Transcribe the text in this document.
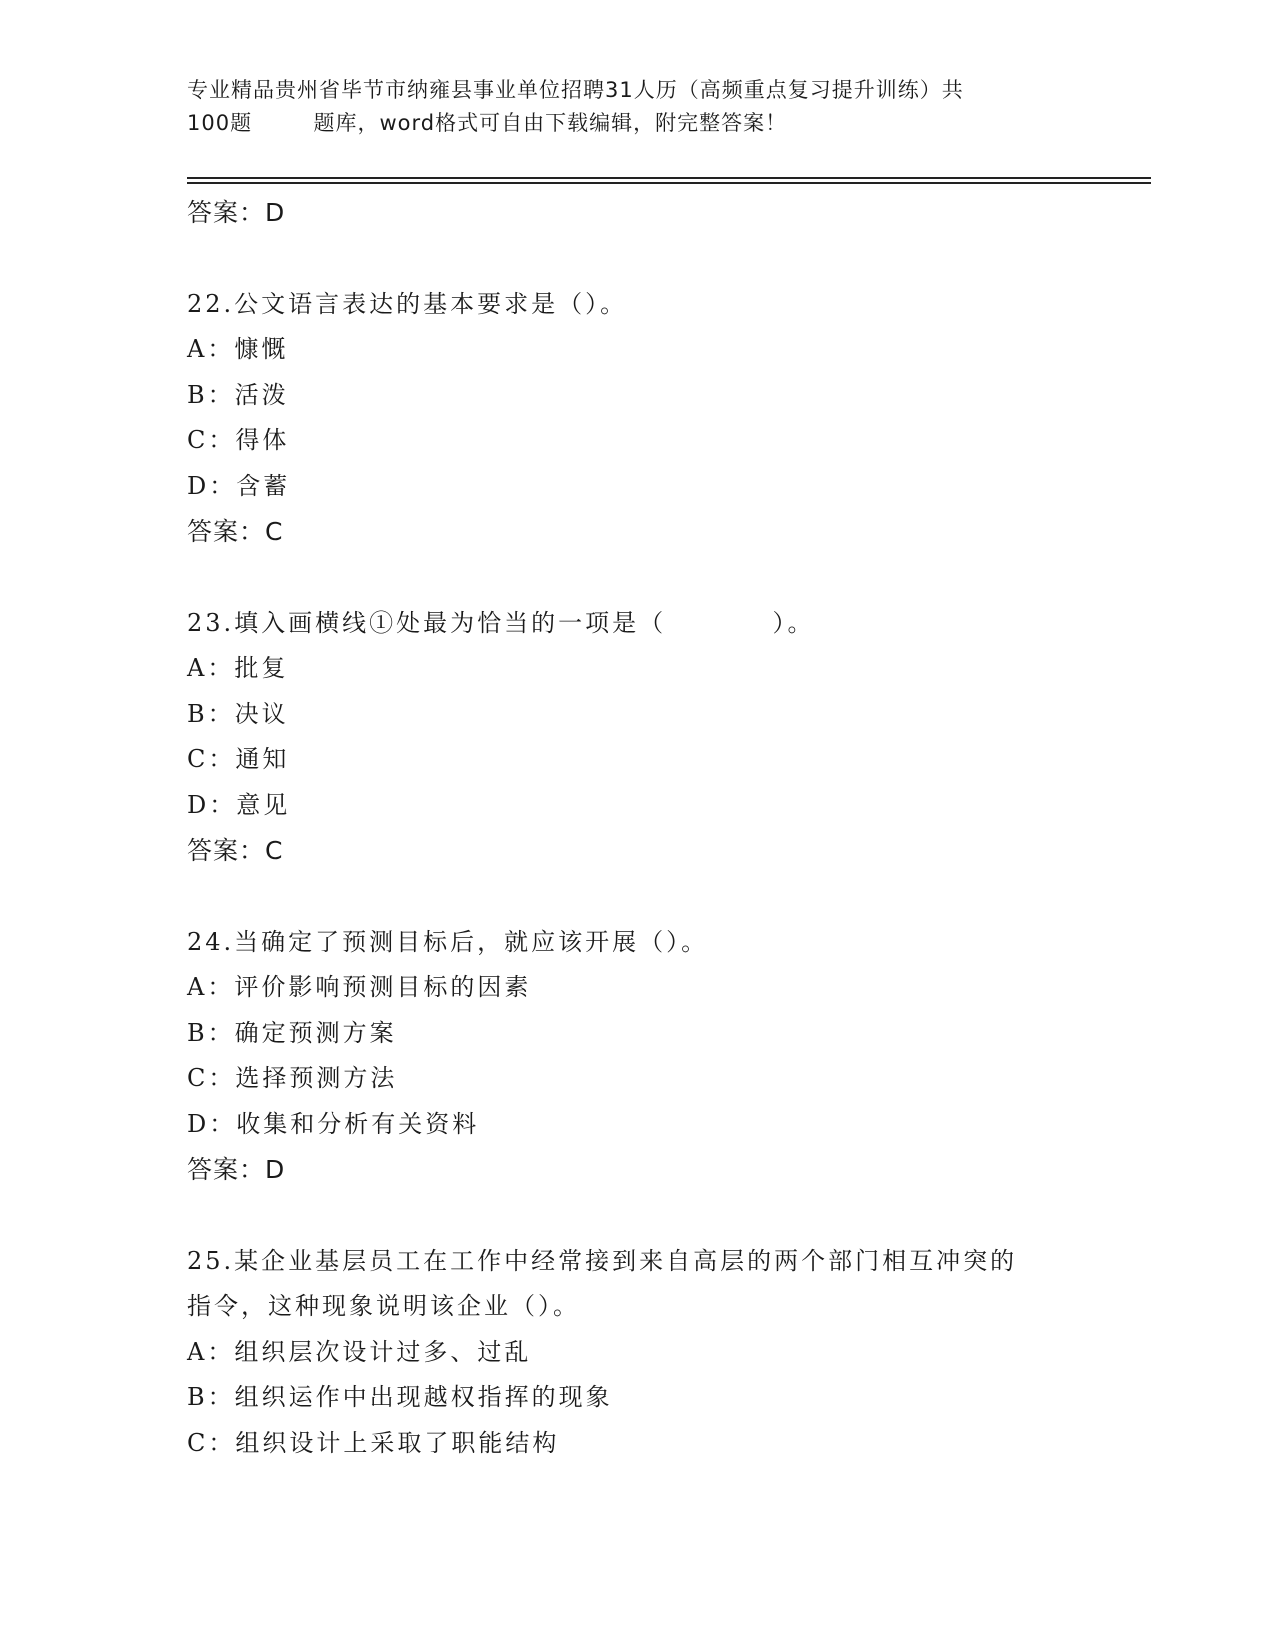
专业精品贵州省毕节市纳雍县事业单位招聘31人历（高频重点复习提升训练）共
100题        题库，word格式可自由下载编辑，附完整答案！
答案：D
22.公文语言表达的基本要求是（）。
A：慷慨
B：活泼
C：得体
D：含蓄
答案：C
23.填入画横线①处最为恰当的一项是（          ）。
A：批复
B：决议
C：通知
D：意见
答案：C
24.当确定了预测目标后，就应该开展（）。
A：评价影响预测目标的因素
B：确定预测方案
C：选择预测方法
D：收集和分析有关资料
答案：D
25.某企业基层员工在工作中经常接到来自高层的两个部门相互冲突的
指令，这种现象说明该企业（）。
A：组织层次设计过多、过乱
B：组织运作中出现越权指挥的现象
C：组织设计上采取了职能结构
